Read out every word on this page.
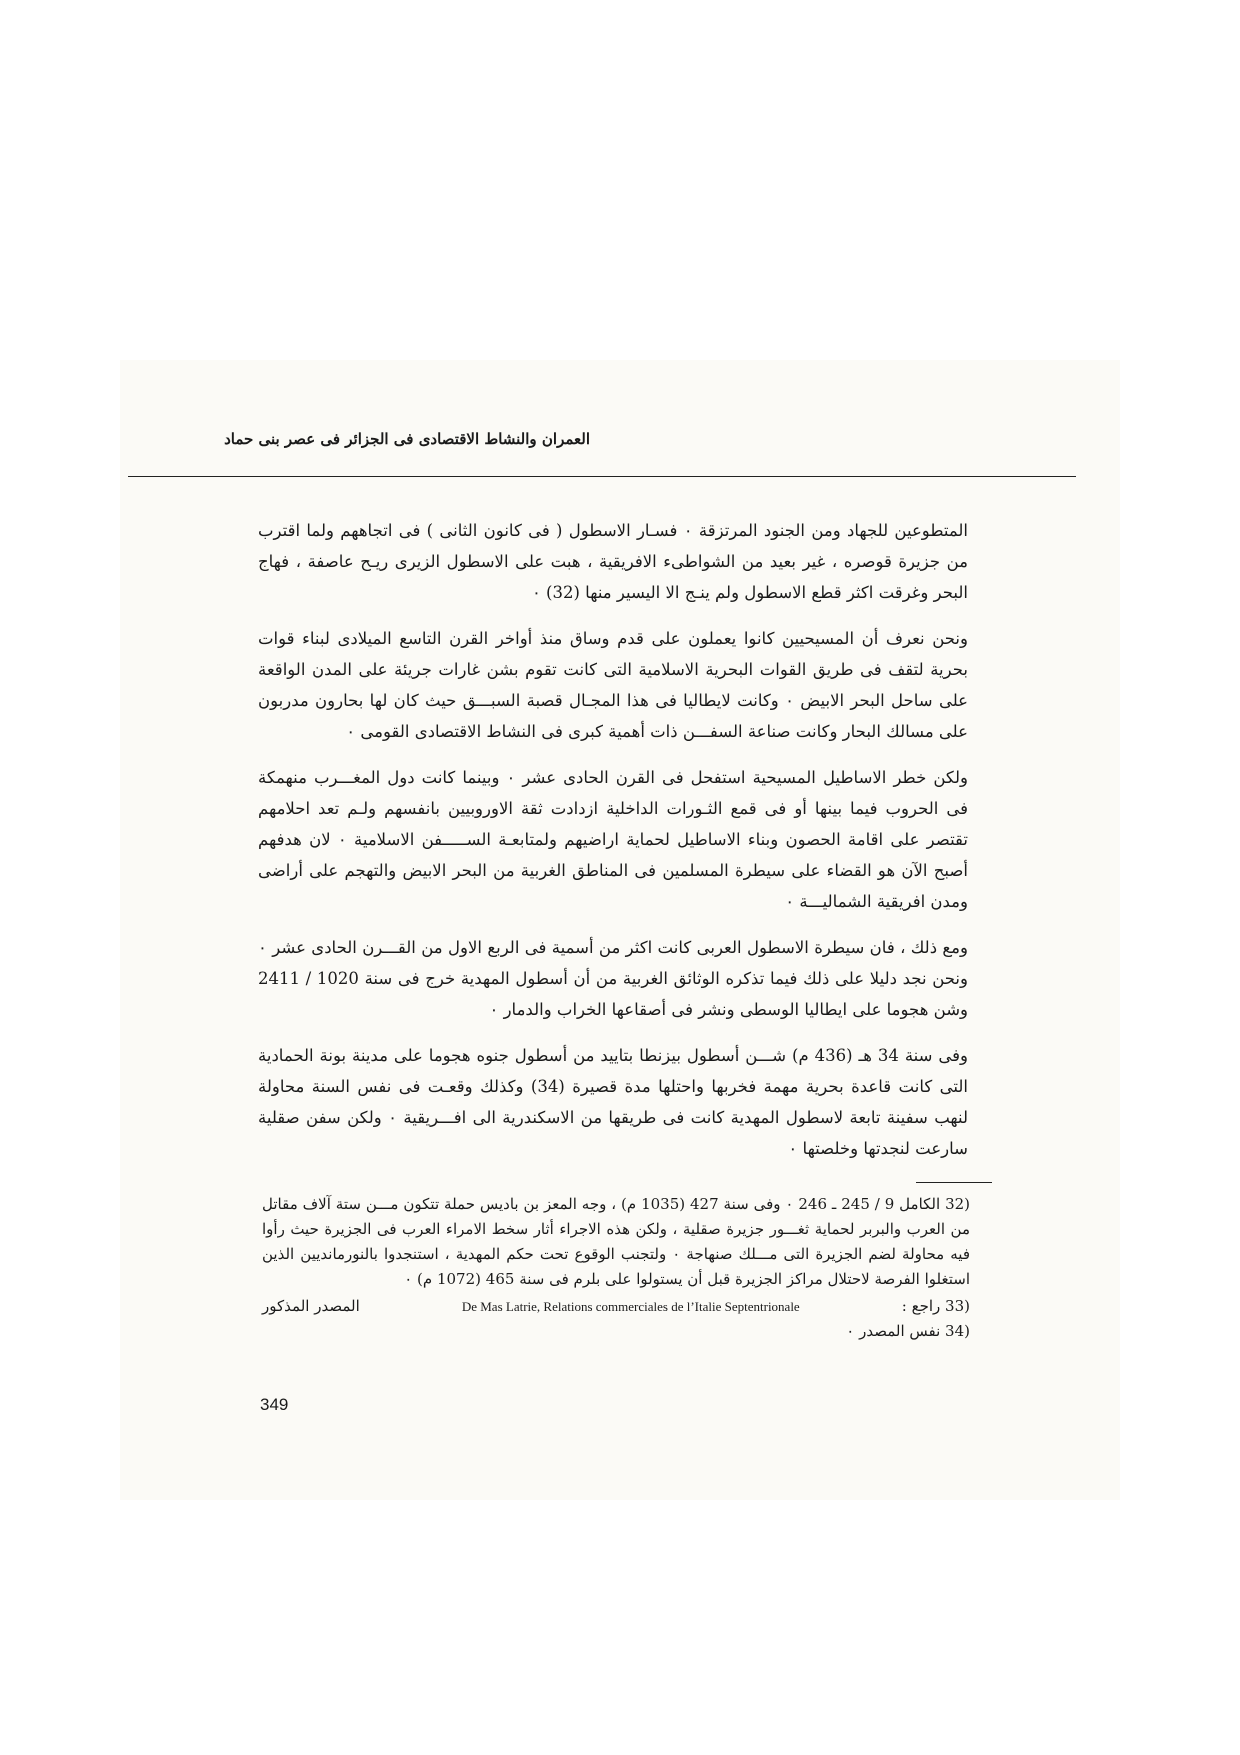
العمران والنشاط الاقتصادى فى الجزائر فى عصر بنى حماد

المتطوعين للجهاد ومن الجنود المرتزقة ٠ فسـار الاسطول ( فى كانون الثانى ) فى اتجاههم ولما اقترب من جزيرة قوصره ، غير بعيد من الشواطىء الافريقية ، هبت على الاسطول الزيرى ريـح عاصفة ، فهاج البحر وغرقت اكثر قطع الاسطول ولم ينـج الا اليسير منها (32) ٠

ونحن نعرف أن المسيحيين كانوا يعملون على قدم وساق منذ أواخر القرن التاسع الميلادى لبناء قوات بحرية لتقف فى طريق القوات البحرية الاسلامية التى كانت تقوم بشن غارات جريئة على المدن الواقعة على ساحل البحر الابيض ٠ وكانت لايطاليا فى هذا المجـال قصبة السبـــق حيث كان لها بحارون مدربون على مسالك البحار وكانت صناعة السفـــن ذات أهمية كبرى فى النشاط الاقتصادى القومى ٠

ولكن خطر الاساطيل المسيحية استفحل فى القرن الحادى عشر ٠ وبينما كانت دول المغـــرب منهمكة فى الحروب فيما بينها أو فى قمع الثـورات الداخلية ازدادت ثقة الاوروبيين بانفسهم ولـم تعد احلامهم تقتصر على اقامة الحصون وبناء الاساطيل لحماية اراضيهم ولمتابعـة الســـــفن الاسلامية ٠ لان هدفهم أصبح الآن هو القضاء على سيطرة المسلمين فى المناطق الغربية من البحر الابيض والتهجم على أراضى ومدن افريقية الشماليـــة ٠

ومع ذلك ، فان سيطرة الاسطول العربى كانت اكثر من أسمية فى الربع الاول من القـــرن الحادى عشر ٠ ونحن نجد دليلا على ذلك فيما تذكره الوثائق الغربية من أن أسطول المهدية خرج فى سنة 1020 / 2411 وشن هجوما على ايطاليا الوسطى ونشر فى أصقاعها الخراب والدمار ٠

وفى سنة 34 هـ (436 م) شـــن أسطول بيزنطا بتاييد من أسطول جنوه هجوما على مدينة بونة الحمادية التى كانت قاعدة بحرية مهمة فخربها واحتلها مدة قصيرة (34) وكذلك وقعـت فى نفس السنة محاولة لنهب سفينة تابعة لاسطول المهدية كانت فى طريقها من الاسكندرية الى افـــريقية ٠ ولكن سفن صقلية سارعت لنجدتها وخلصتها ٠

(32 الكامل 9 / 245 ـ 246 ٠ وفى سنة 427 (1035 م) ، وجه المعز بن باديس حملة تتكون مـــن ستة آلاف مقاتل من العرب والبربر لحماية ثغـــور جزيرة صقلية ، ولكن هذه الاجراء أثار سخط الامراء العرب فى الجزيرة حيث رأوا فيه محاولة لضم الجزيرة التى مـــلك صنهاجة ٠ ولتجنب الوقوع تحت حكم المهدية ، استنجدوا بالنورمانديين الذين استغلوا الفرصة لاحتلال مراكز الجزيرة قبل أن يستولوا على بلرم فى سنة 465 (1072 م) ٠

(33 راجع :
De Mas Latrie, Relations commerciales de l’Italie Septentrionale
المصدر المذكور

(34 نفس المصدر ٠

349
